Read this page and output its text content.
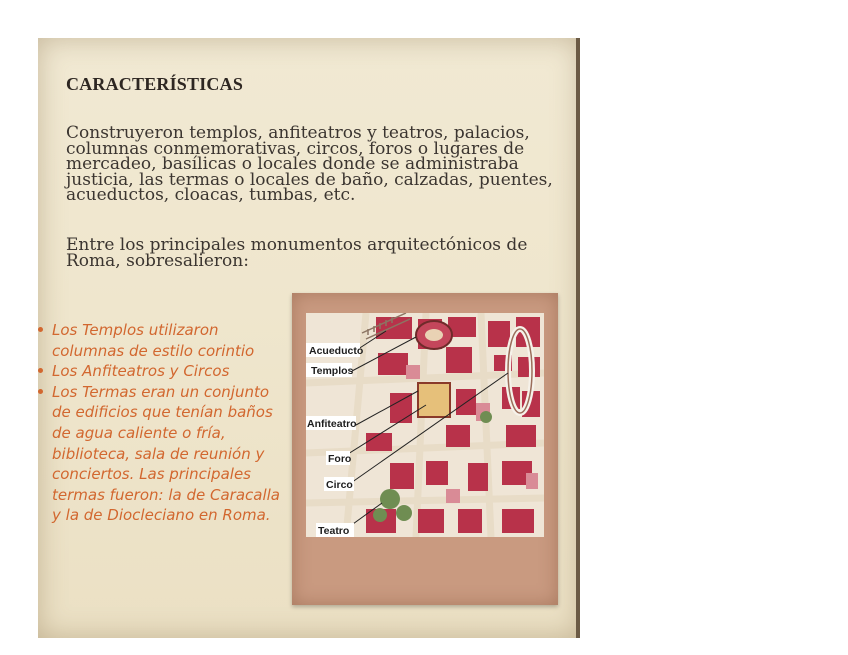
CARACTERÍSTICAS

Construyeron templos, anfiteatros y teatros, palacios, columnas conmemorativas, circos, foros o lugares de mercadeo, basílicas o locales donde se administraba justicia, las termas o locales de baño, calzadas, puentes, acueductos, cloacas, tumbas, etc.

Entre los principales monumentos arquitectónicos de Roma, sobresalieron:

Los Templos utilizaron columnas de estilo corintio
Los Anfiteatros y Circos
Los Termas eran un conjunto de edificios que tenían baños de agua caliente o fría, biblioteca, sala de reunión y conciertos. Las principales termas fueron: la de Caracalla y la de Diocleciano en Roma.
Acueducto
Templos
Anfiteatro
Foro
Circo
Teatro
